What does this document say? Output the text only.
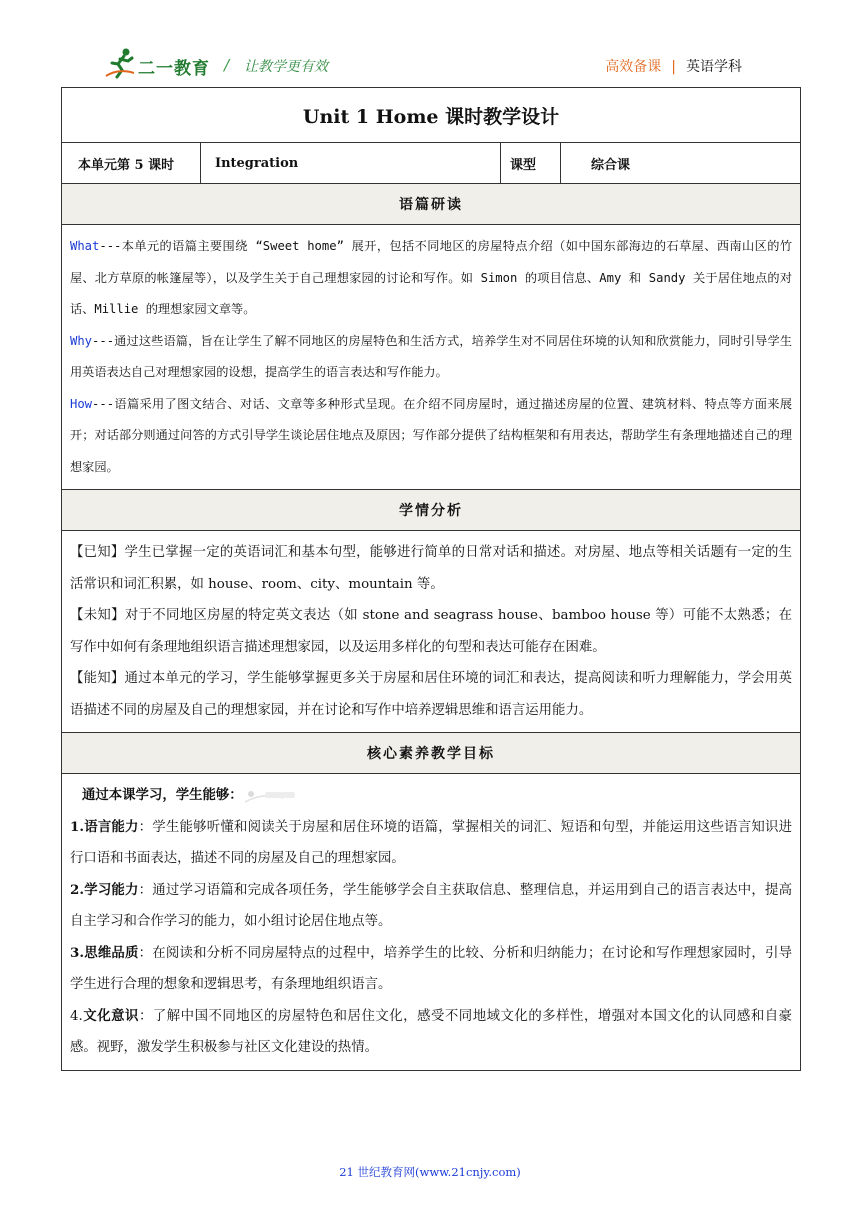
二一教育 / 让教学更有效	高效备课 | 英语学科
Unit 1 Home 课时教学设计
本单元第 5 课时	Integration	课型	综合课
语篇研读

What---本单元的语篇主要围绕 “Sweet home” 展开，包括不同地区的房屋特点介绍（如中国东部海边的石草屋、西南山区的竹屋、北方草原的帐篷屋等），以及学生关于自己理想家园的讨论和写作。如 Simon 的项目信息、Amy 和 Sandy 关于居住地点的对话、Millie 的理想家园文章等。

Why---通过这些语篇，旨在让学生了解不同地区的房屋特色和生活方式，培养学生对不同居住环境的认知和欣赏能力，同时引导学生用英语表达自己对理想家园的设想，提高学生的语言表达和写作能力。

How---语篇采用了图文结合、对话、文章等多种形式呈现。在介绍不同房屋时，通过描述房屋的位置、建筑材料、特点等方面来展开；对话部分则通过问答的方式引导学生谈论居住地点及原因；写作部分提供了结构框架和有用表达，帮助学生有条理地描述自己的理想家园。

学情分析

【已知】学生已掌握一定的英语词汇和基本句型，能够进行简单的日常对话和描述。对房屋、地点等相关话题有一定的生活常识和词汇积累，如 house、room、city、mountain 等。

【未知】对于不同地区房屋的特定英文表达（如 stone and seagrass house、bamboo house 等）可能不太熟悉；在写作中如何有条理地组织语言描述理想家园，以及运用多样化的句型和表达可能存在困难。

【能知】通过本单元的学习，学生能够掌握更多关于房屋和居住环境的词汇和表达，提高阅读和听力理解能力，学会用英语描述不同的房屋及自己的理想家园，并在讨论和写作中培养逻辑思维和语言运用能力。

核心素养教学目标

通过本课学习，学生能够：

1.语言能力：学生能够听懂和阅读关于房屋和居住环境的语篇，掌握相关的词汇、短语和句型，并能运用这些语言知识进行口语和书面表达，描述不同的房屋及自己的理想家园。

2.学习能力：通过学习语篇和完成各项任务，学生能够学会自主获取信息、整理信息，并运用到自己的语言表达中，提高自主学习和合作学习的能力，如小组讨论居住地点等。

3.思维品质：在阅读和分析不同房屋特点的过程中，培养学生的比较、分析和归纳能力；在讨论和写作理想家园时，引导学生进行合理的想象和逻辑思考，有条理地组织语言。

4.文化意识：了解中国不同地区的房屋特色和居住文化，感受不同地域文化的多样性，增强对本国文化的认同感和自豪感。视野，激发学生积极参与社区文化建设的热情。

21 世纪教育网(www.21cnjy.com)
